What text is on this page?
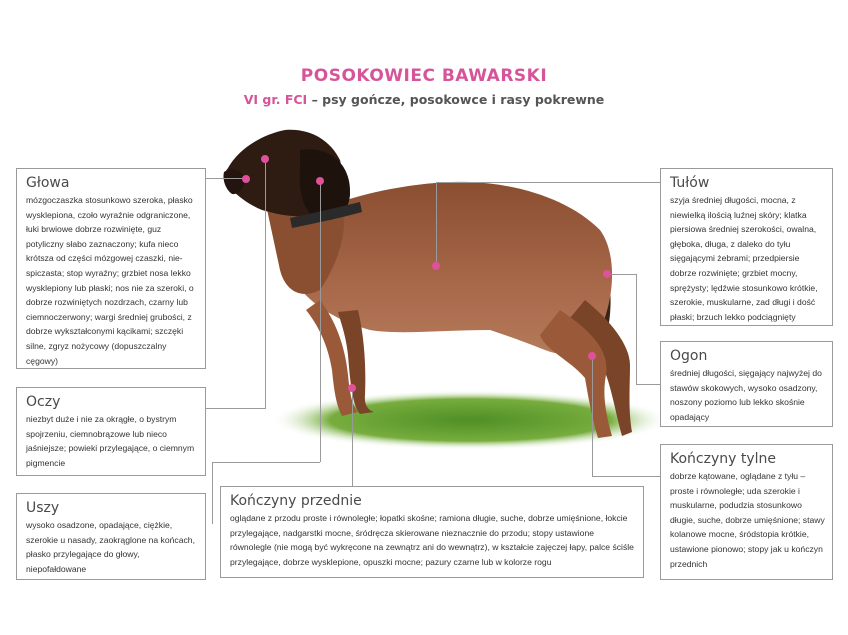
POSOKOWIEC BAWARSKI
VI gr. FCI – psy gończe, posokowce i rasy pokrewne
Głowa

mózgoczaszka stosunkowo szeroka, płasko wysklepiona, czoło wyraźnie odgraniczone, łuki brwiowe dobrze rozwinięte, guz potyliczny słabo zaznaczony; kufa nieco krótsza od części mózgowej czaszki, nie-spiczasta; stop wyraźny; grzbiet nosa lekko wysklepiony lub płaski; nos nie za szeroki, o dobrze rozwiniętych nozdrzach, czarny lub ciemnoczerwony; wargi średniej grubości, z dobrze wykształconymi kącikami; szczęki silne, zgryz nożycowy (dopuszczalny cęgowy)

Oczy

niezbyt duże i nie za okrągłe, o bystrym spojrzeniu, ciemnobrązowe lub nieco jaśniejsze; powieki przylegające, o ciemnym pigmencie

Uszy

wysoko osadzone, opadające, ciężkie, szerokie u nasady, zaokrąglone na końcach, płasko przylegające do głowy, niepofałdowane

Kończyny przednie

oglądane z przodu proste i równoległe; łopatki skośne; ramiona długie, suche, dobrze umięśnione, łokcie przylegające, nadgarstki mocne, śródręcza skierowane nieznacznie do przodu; stopy ustawione równolegle (nie mogą być wykręcone na zewnątrz ani do wewnątrz), w kształcie zajęczej łapy, palce ściśle przylegające, dobrze wysklepione, opuszki mocne; pazury czarne lub w kolorze rogu

Tułów

szyja średniej długości, mocna, z niewielką ilością luźnej skóry; klatka piersiowa średniej szerokości, owalna, głęboka, długa, z daleko do tyłu sięgającymi żebrami; przedpiersie dobrze rozwinięte; grzbiet mocny, sprężysty; lędźwie stosunkowo krótkie, szerokie, muskularne, zad długi i dość płaski; brzuch lekko podciągnięty

Ogon

średniej długości, sięgający najwyżej do stawów skokowych, wysoko osadzony, noszony poziomo lub lekko skośnie opadający

Kończyny tylne

dobrze kątowane, oglądane z tyłu – proste i równoległe; uda szerokie i muskularne, podudzia stosunkowo długie, suche, dobrze umięśnione; stawy kolanowe mocne, śródstopia krótkie, ustawione pionowo; stopy jak u kończyn przednich
